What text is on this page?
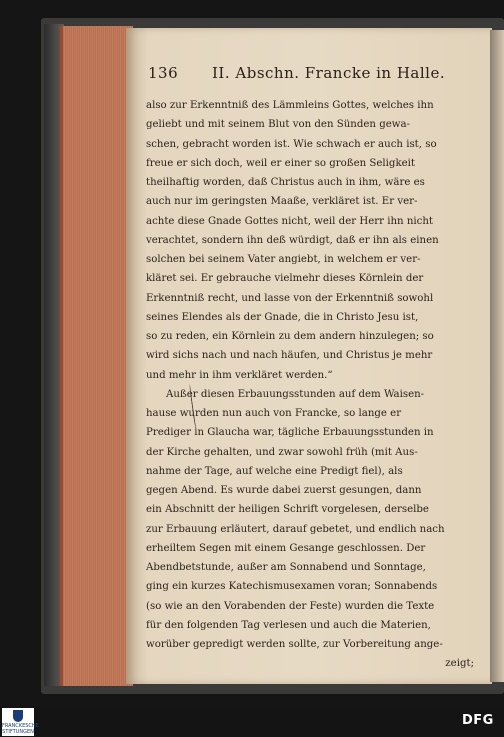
136 II. Abschn. Francke in Halle.
also zur Erkenntniß des Lämmleins Gottes, welches ihn
geliebt und mit seinem Blut von den Sünden gewa-
schen, gebracht worden ist. Wie schwach er auch ist, so
freue er sich doch, weil er einer so großen Seligkeit
theilhaftig worden, daß Christus auch in ihm, wäre es
auch nur im geringsten Maaße, verkläret ist. Er ver-
achte diese Gnade Gottes nicht, weil der Herr ihn nicht
verachtet, sondern ihn deß würdigt, daß er ihn als einen
solchen bei seinem Vater angiebt, in welchem er ver-
kläret sei. Er gebrauche vielmehr dieses Körnlein der
Erkenntniß recht, und lasse von der Erkenntniß sowohl
seines Elendes als der Gnade, die in Christo Jesu ist,
so zu reden, ein Körnlein zu dem andern hinzulegen; so
wird sichs nach und nach häufen, und Christus je mehr
und mehr in ihm verkläret werden.“
Außer diesen Erbauungsstunden auf dem Waisen-
hause wurden nun auch von Francke, so lange er
Prediger in Glaucha war, tägliche Erbauungsstunden in
der Kirche gehalten, und zwar sowohl früh (mit Aus-
nahme der Tage, auf welche eine Predigt fiel), als
gegen Abend. Es wurde dabei zuerst gesungen, dann
ein Abschnitt der heiligen Schrift vorgelesen, derselbe
zur Erbauung erläutert, darauf gebetet, und endlich nach
erheiltem Segen mit einem Gesange geschlossen. Der
Abendbetstunde, außer am Sonnabend und Sonntage,
ging ein kurzes Katechismusexamen voran; Sonnabends
(so wie an den Vorabenden der Feste) wurden die Texte
für den folgenden Tag verlesen und auch die Materien,
worüber gepredigt werden sollte, zur Vorbereitung ange-
zeigt;
FRANCKESCHE STIFTUNGEN
DFG
